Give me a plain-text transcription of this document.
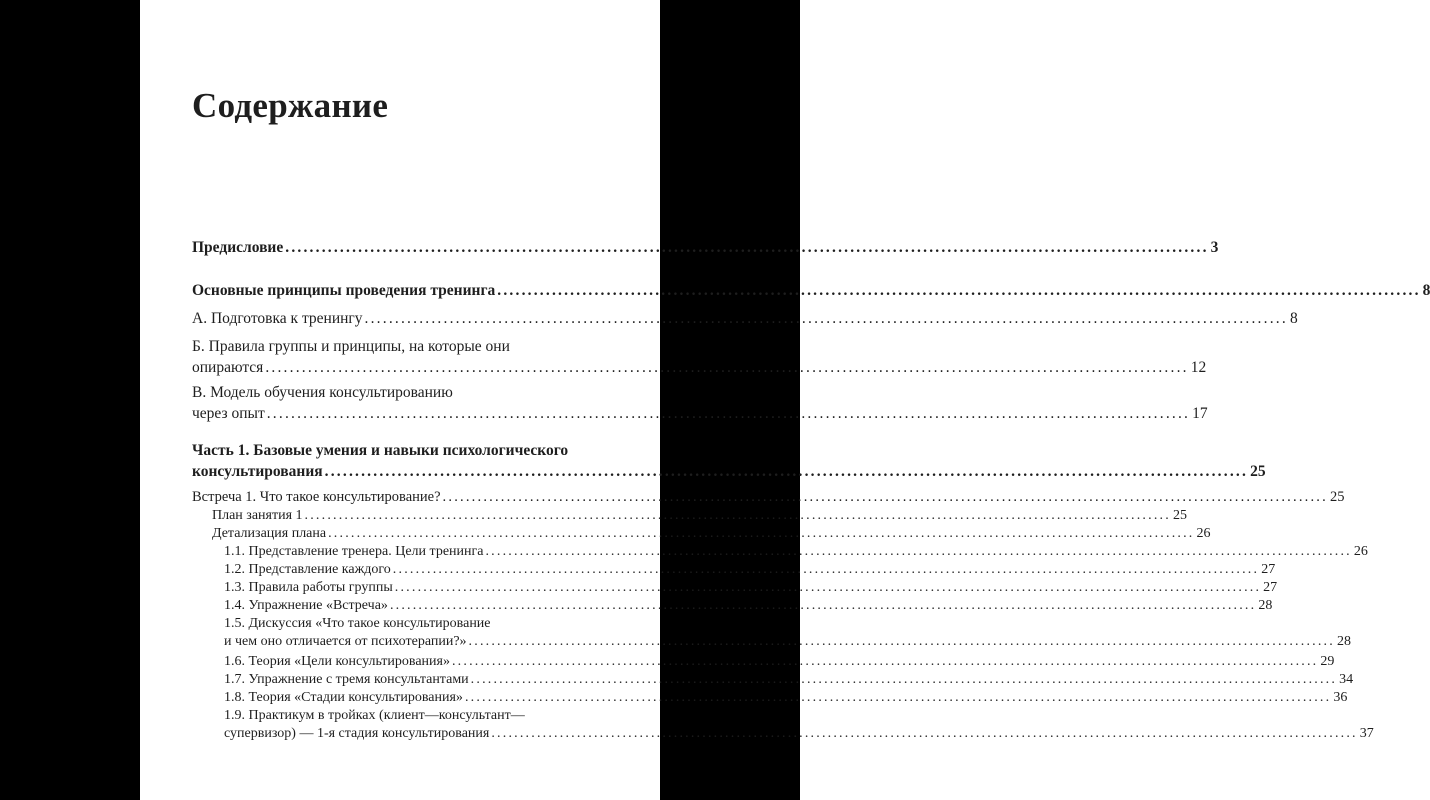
Содержание
Предисловие ........................................................................................................................................................ 3
Основные принципы проведения тренинга ........................................................................................................................................................ 8
А. Подготовка к тренингу ........................................................................................................................................................ 8
Б. Правила группы и принципы, на которые они
опираются ........................................................................................................................................................ 12
В. Модель обучения консультированию
через опыт ........................................................................................................................................................ 17
Часть 1. Базовые умения и навыки психологического
консультирования ........................................................................................................................................................ 25
Встреча 1. Что такое консультирование? ........................................................................................................................................................ 25
План занятия 1 ........................................................................................................................................................ 25
Детализация плана ........................................................................................................................................................ 26
1.1. Представление тренера. Цели тренинга ........................................................................................................................................................ 26
1.2. Представление каждого ........................................................................................................................................................ 27
1.3. Правила работы группы ........................................................................................................................................................ 27
1.4. Упражнение «Встреча» ........................................................................................................................................................ 28
1.5. Дискуссия «Что такое консультирование
и чем оно отличается от психотерапии?» ........................................................................................................................................................ 28
1.6. Теория «Цели консультирования» ........................................................................................................................................................ 29
1.7. Упражнение с тремя консультантами ........................................................................................................................................................ 34
1.8. Теория «Стадии консультирования» ........................................................................................................................................................ 36
1.9. Практикум в тройках (клиент—консультант—
супервизор) — 1-я стадия консультирования ........................................................................................................................................................ 37
